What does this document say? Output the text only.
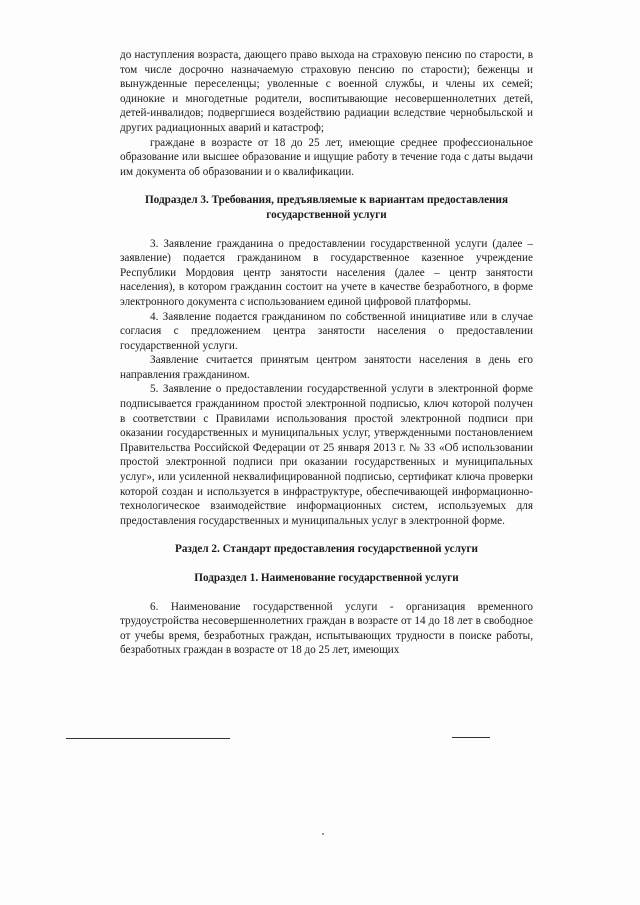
до наступления возраста, дающего право выхода на страховую пенсию по старости, в том числе досрочно назначаемую страховую пенсию по старости); беженцы и вынужденные переселенцы; уволенные с военной службы, и члены их семей; одинокие и многодетные родители, воспитывающие несовершеннолетних детей, детей-инвалидов; подвергшиеся воздействию радиации вследствие чернобыльской и других радиационных аварий и катастроф;

граждане в возрасте от 18 до 25 лет, имеющие среднее профессиональное образование или высшее образование и ищущие работу в течение года с даты выдачи им документа об образовании и о квалификации.

Подраздел 3. Требования, предъявляемые к вариантам предоставления государственной услуги

3. Заявление гражданина о предоставлении государственной услуги (далее – заявление) подается гражданином в государственное казенное учреждение Республики Мордовия центр занятости населения (далее – центр занятости населения), в котором гражданин состоит на учете в качестве безработного, в форме электронного документа с использованием единой цифровой платформы.

4. Заявление подается гражданином по собственной инициативе или в случае согласия с предложением центра занятости населения о предоставлении государственной услуги.

Заявление считается принятым центром занятости населения в день его направления гражданином.

5. Заявление о предоставлении государственной услуги в электронной форме подписывается гражданином простой электронной подписью, ключ которой получен в соответствии с Правилами использования простой электронной подписи при оказании государственных и муниципальных услуг, утвержденными постановлением Правительства Российской Федерации от 25 января 2013 г. № 33 «Об использовании простой электронной подписи при оказании государственных и муниципальных услуг», или усиленной неквалифицированной подписью, сертификат ключа проверки которой создан и используется в инфраструктуре, обеспечивающей информационно-технологическое взаимодействие информационных систем, используемых для предоставления государственных и муниципальных услуг в электронной форме.

Раздел 2. Стандарт предоставления государственной услуги

Подраздел 1. Наименование государственной услуги

6. Наименование государственной услуги - организация временного трудоустройства несовершеннолетних граждан в возрасте от 14 до 18 лет в свободное от учебы время, безработных граждан, испытывающих трудности в поиске работы, безработных граждан в возрасте от 18 до 25 лет, имеющих
